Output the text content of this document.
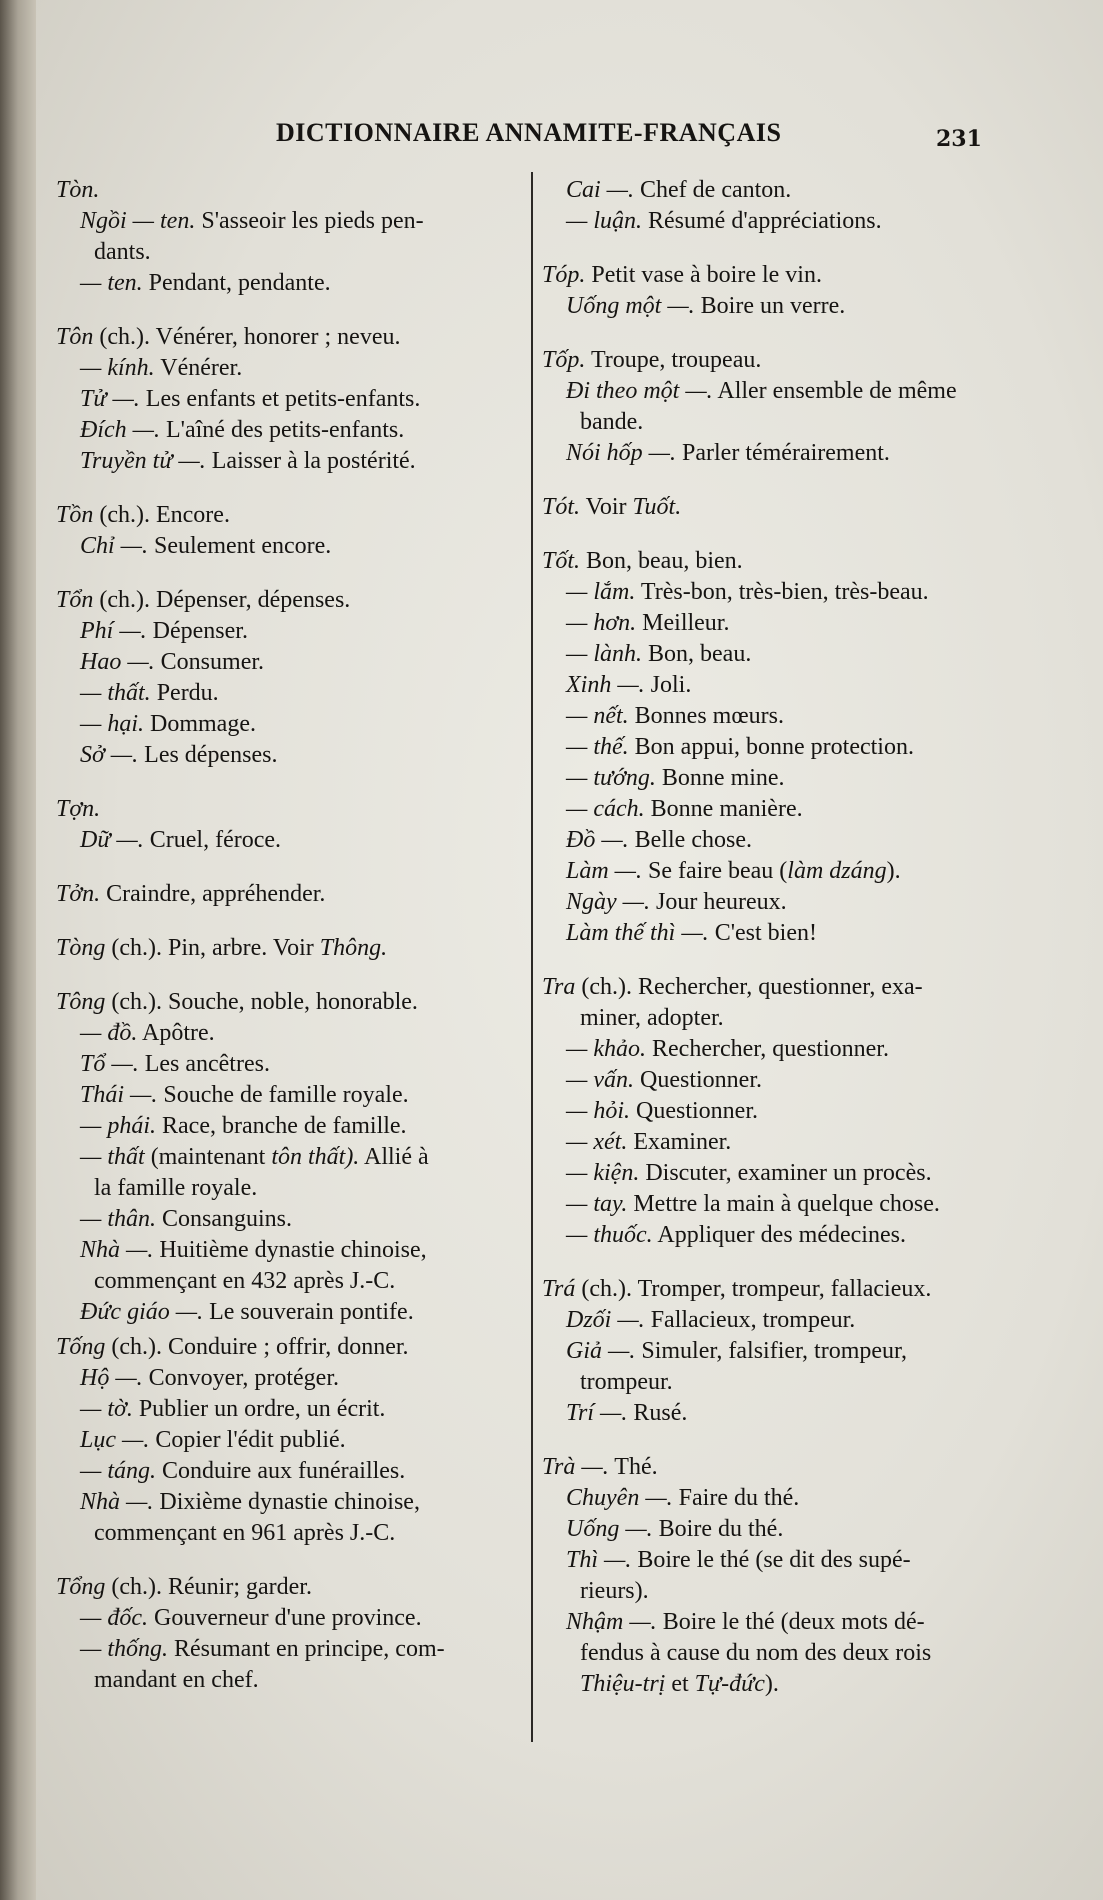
DICTIONNAIRE ANNAMITE-FRANÇAIS	231
Tòn.
Ngồi — ten. S'asseoir les pieds pen-
dants.
— ten. Pendant, pendante.
Tôn (ch.). Vénérer, honorer ; neveu.
— kính. Vénérer.
Tử —. Les enfants et petits-enfants.
Đích —. L'aîné des petits-enfants.
Truyền tử —. Laisser à la postérité.
Tồn (ch.). Encore.
Chỉ —. Seulement encore.
Tổn (ch.). Dépenser, dépenses.
Phí —. Dépenser.
Hao —. Consumer.
— thất. Perdu.
— hại. Dommage.
Sở —. Les dépenses.
Tợn.
Dữ —. Cruel, féroce.
Tởn. Craindre, appréhender.
Tòng (ch.). Pin, arbre. Voir Thông.
Tông (ch.). Souche, noble, honorable.
— đồ. Apôtre.
Tổ —. Les ancêtres.
Thái —. Souche de famille royale.
— phái. Race, branche de famille.
— thất (maintenant tôn thất). Allié à
la famille royale.
— thân. Consanguins.
Nhà —. Huitième dynastie chinoise,
commençant en 432 après J.-C.
Đức giáo —. Le souverain pontife.
Tống (ch.). Conduire ; offrir, donner.
Hộ —. Convoyer, protéger.
— tờ. Publier un ordre, un écrit.
Lục —. Copier l'édit publié.
— táng. Conduire aux funérailles.
Nhà —. Dixième dynastie chinoise,
commençant en 961 après J.-C.
Tổng (ch.). Réunir; garder.
— đốc. Gouverneur d'une province.
— thống. Résumant en principe, com-
mandant en chef.
Cai —. Chef de canton.
— luận. Résumé d'appréciations.
Tóp. Petit vase à boire le vin.
Uống một —. Boire un verre.
Tốp. Troupe, troupeau.
Đi theo một —. Aller ensemble de même
bande.
Nói hốp —. Parler témérairement.
Tót. Voir Tuốt.
Tốt. Bon, beau, bien.
— lắm. Très-bon, très-bien, très-beau.
— hơn. Meilleur.
— lành. Bon, beau.
Xinh —. Joli.
— nết. Bonnes mœurs.
— thế. Bon appui, bonne protection.
— tướng. Bonne mine.
— cách. Bonne manière.
Đồ —. Belle chose.
Làm —. Se faire beau (làm dzáng).
Ngày —. Jour heureux.
Làm thế thì —. C'est bien!
Tra (ch.). Rechercher, questionner, exa-
miner, adopter.
— khảo. Rechercher, questionner.
— vấn. Questionner.
— hỏi. Questionner.
— xét. Examiner.
— kiện. Discuter, examiner un procès.
— tay. Mettre la main à quelque chose.
— thuốc. Appliquer des médecines.
Trá (ch.). Tromper, trompeur, fallacieux.
Dzối —. Fallacieux, trompeur.
Giả —. Simuler, falsifier, trompeur,
trompeur.
Trí —. Rusé.
Trà —. Thé.
Chuyên —. Faire du thé.
Uống —. Boire du thé.
Thì —. Boire le thé (se dit des supé-
rieurs).
Nhậm —. Boire le thé (deux mots dé-
fendus à cause du nom des deux rois
Thiệu-trị et Tự-đức).
